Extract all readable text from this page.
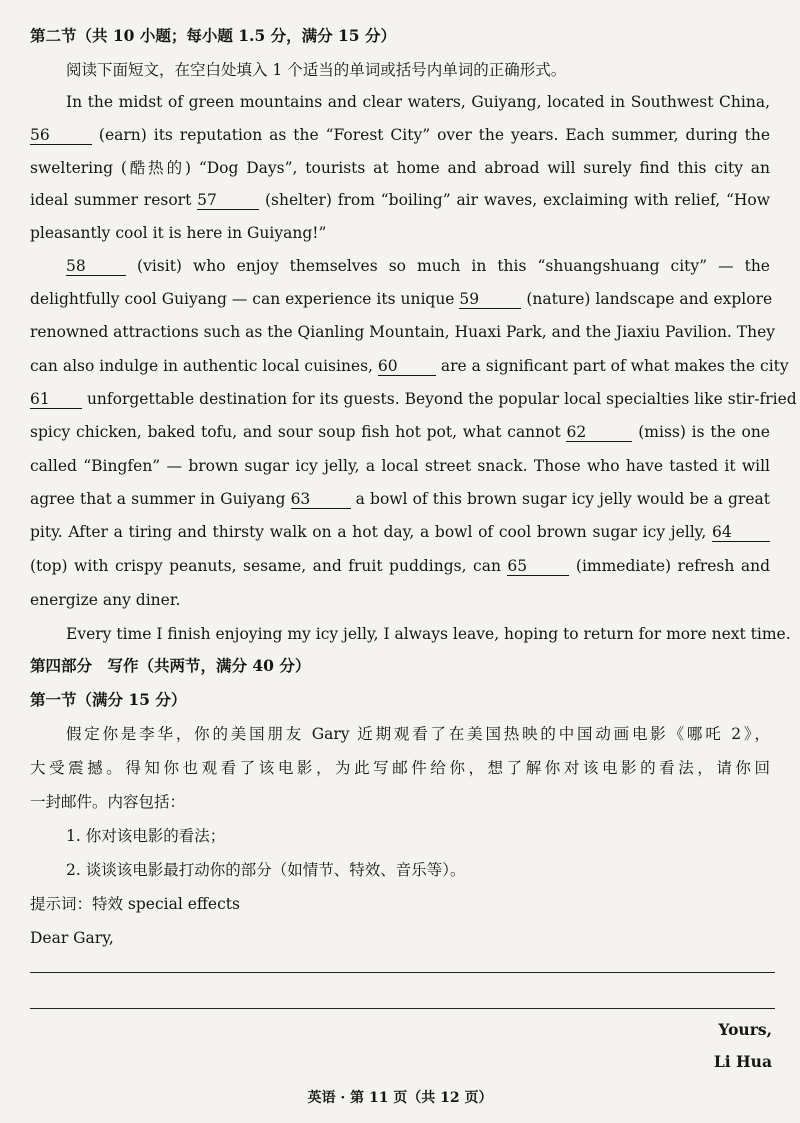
第二节（共 10 小题；每小题 1.5 分，满分 15 分）
阅读下面短文，在空白处填入 1 个适当的单词或括号内单词的正确形式。
In the midst of green mountains and clear waters, Guiyang, located in Southwest China,
56	(earn) its reputation as the “Forest City” over the years. Each summer, during the
sweltering (酷热的) “Dog Days”, tourists at home and abroad will surely find this city an
ideal summer resort 57	(shelter) from “boiling” air waves, exclaiming with relief, “How
pleasantly cool it is here in Guiyang!”
58	(visit) who enjoy themselves so much in this “shuangshuang city” — the
delightfully cool Guiyang — can experience its unique 59	(nature) landscape and explore
renowned attractions such as the Qianling Mountain, Huaxi Park, and the Jiaxiu Pavilion. They
can also indulge in authentic local cuisines, 60	are a significant part of what makes the city
61 unforgettable destination for its guests. Beyond the popular local specialties like stir-fried
spicy chicken, baked tofu, and sour soup fish hot pot, what cannot 62	(miss) is the one
called “Bingfen” — brown sugar icy jelly, a local street snack. Those who have tasted it will
agree that a summer in Guiyang 63	a bowl of this brown sugar icy jelly would be a great
pity. After a tiring and thirsty walk on a hot day, a bowl of cool brown sugar icy jelly, 64
(top) with crispy peanuts, sesame, and fruit puddings, can 65	(immediate) refresh and
energize any diner.
Every time I finish enjoying my icy jelly, I always leave, hoping to return for more next time.
第四部分　写作（共两节，满分 40 分）
第一节（满分 15 分）
假定你是李华，你的美国朋友 Gary 近期观看了在美国热映的中国动画电影《哪吒 2》，
大受震撼。得知你也观看了该电影，为此写邮件给你，想了解你对该电影的看法，请你回
一封邮件。内容包括：
1. 你对该电影的看法；
2. 谈谈该电影最打动你的部分（如情节、特效、音乐等）。
提示词：特效 special effects
Dear Gary,
Yours,
Li Hua
英语 · 第 11 页（共 12 页）
